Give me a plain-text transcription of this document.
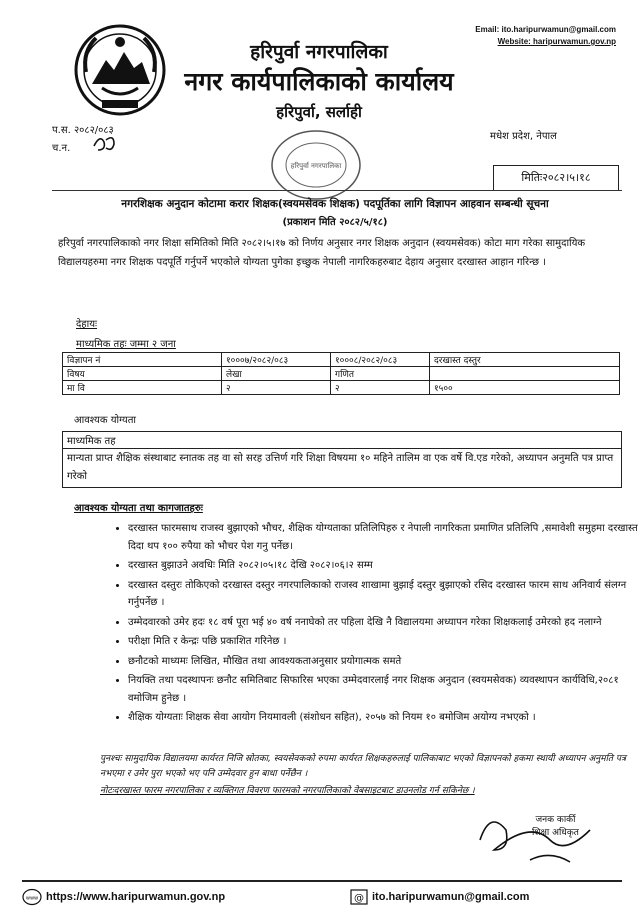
Email: ito.haripurwamun@gmail.com
Website: haripurwamun.gov.np
हरिपुर्वा नगरपालिका
नगर कार्यपालिकाको कार्यालय
हरिपुर्वा, सर्लाही
प.स. २०८२/०८३
च.न.
मधेश प्रदेश, नेपाल
हरिपुर्वा नगरपालिका
मितिः२०८२।५।१८
नगरशिक्षक अनुदान कोटामा करार शिक्षक(स्वयमसेवक शिक्षक) पदपूर्तिका लागि विज्ञापन आहवान सम्बन्धी सूचना
(प्रकाशन मिति २०८२/५/१८)
हरिपुर्वा नगरपालिकाको नगर शिक्षा समितिको मिति २०८२।५।१७ को निर्णय अनुसार नगर शिक्षक अनुदान (स्वयमसेवक) कोटा माग गरेका सामुदायिक विद्यालयहरुमा नगर शिक्षक पदपूर्ति गर्नुपर्ने भएकोले योग्यता पुगेका इच्छुक नेपाली नागरिकहरुबाट देहाय अनुसार दरखास्त आहान गरिन्छ ।
देहायः
माध्यमिक तहः जम्मा २ जना
विज्ञापन नं	१०००७/२०८२/०८३	१०००८/२०८२/०८३	दरखास्त दस्तुर
विषय	लेखा	गणित	
मा वि	२	२	१५००
आवश्यक योग्यता
माध्यमिक तह
मान्यता प्राप्त शैक्षिक संस्थाबाट स्नातक तह वा सो सरह उत्तिर्ण गरि शिक्षा विषयमा १० महिने तालिम वा एक वर्षे वि.एड गरेको, अध्यापन अनुमति पत्र प्राप्त गरेको
आवश्यक योग्यता तथा कागजातहरुः
• दरखास्त फारमसाथ राजस्व बुझाएको भौचर, शैक्षिक योग्यताका प्रतिलिपिहरु र नेपाली नागरिकता प्रमाणित प्रतिलिपि ,समावेशी समुहमा दरखास्त दिदा थप १०० रुपैया को भौचर पेश गनु पर्नेछ।
• दरखास्त बुझाउने अवधिः मिति २०८२।०५।१८ देखि २०८२।०६।२ सम्म
• दरखास्त दस्तुरः तोकिएको दरखास्त दस्तुर नगरपालिकाको राजस्व शाखामा बुझाई दस्तुर बुझाएको रसिद दरखास्त फारम साथ अनिवार्य संलग्न गर्नुपर्नेछ ।
• उम्मेदवारको उमेर हदः १८ वर्ष पूरा भई ४० वर्ष ननाघेको तर पहिला देखि नै विद्यालयमा अध्यापन गरेका शिक्षकलाई उमेरको हद नलाग्ने
• परीक्षा मिति र केन्द्रः पछि प्रकाशित गरिनेछ ।
• छनौटको माध्यमः लिखित, मौखित तथा आवश्यकताअनुसार प्रयोगात्मक समते
• नियक्ति तथा पदस्थापनः छनौट समितिबाट सिफारिस भएका उम्मेदवारलाई नगर शिक्षक अनुदान (स्वयमसेवक) व्यवस्थापन कार्यविधि,२०८१ वमोजिम हुनेछ ।
• शैक्षिक योग्यताः शिक्षक सेवा आयोग नियमावली (संशोधन सहित), २०५७ को नियम १० बमोजिम अयोग्य नभएको ।
पुनश्चः सामुदायिक विद्यालयमा कार्यरत निजि स्रोतका, स्वयसेवकको रुपमा कार्यरत शिक्षकहरुलाई पालिकाबाट भएको विज्ञापनको हकमा स्थायी अध्यापन अनुमति पत्र नभएमा र उमेर पुरा भएको भए पनि उम्मेदवार हुन बाधा पर्नेछैन ।
नोटःदरखास्त फारम नगरपालिका र व्यक्तिगत विवरण फारमको नगरपालिकाको वेबसाइटबाट डाउनलोड गर्न सकिनेछ ।
जनक कार्की
शिक्षा अधिकृत
www https://www.haripurwamun.gov.np	@ ito.haripurwamun@gmail.com
